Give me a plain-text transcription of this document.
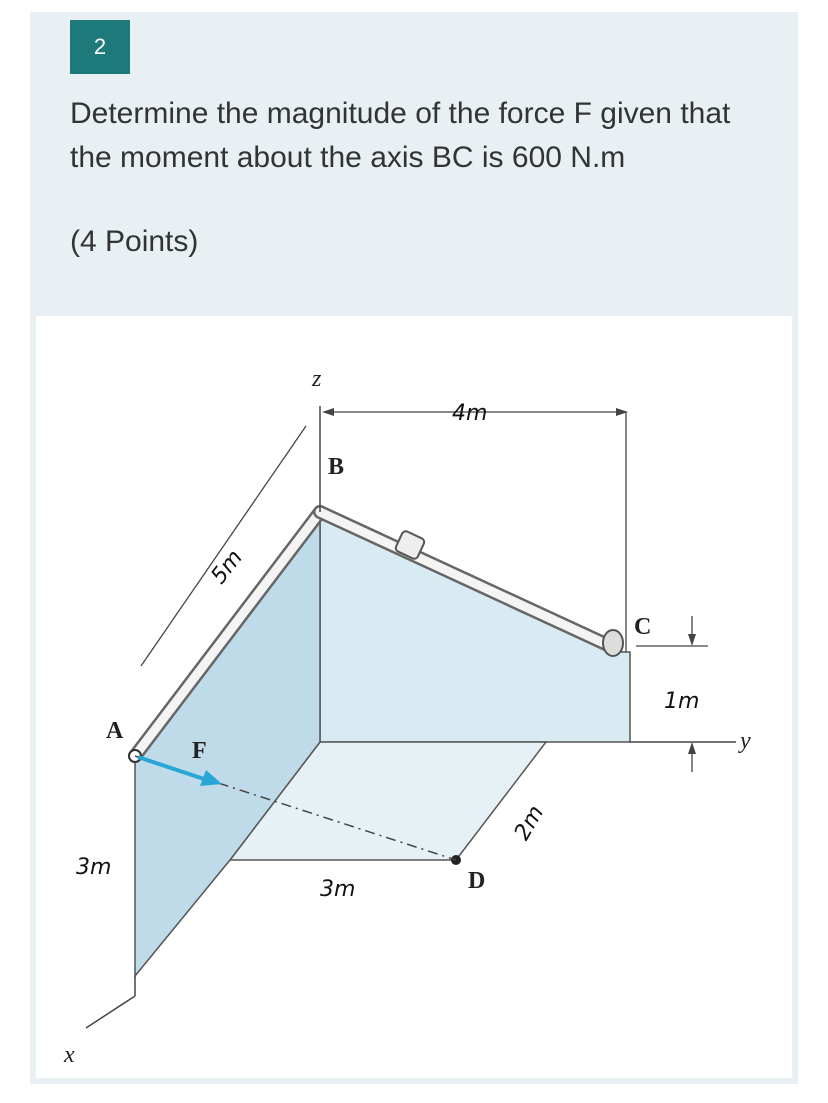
2
Determine the magnitude of the force F given that the moment about the axis BC is 600 N.m
(4 Points)
z
B
C
A
F
D
y
x
4m
5m
1m
2m
3m
3m
